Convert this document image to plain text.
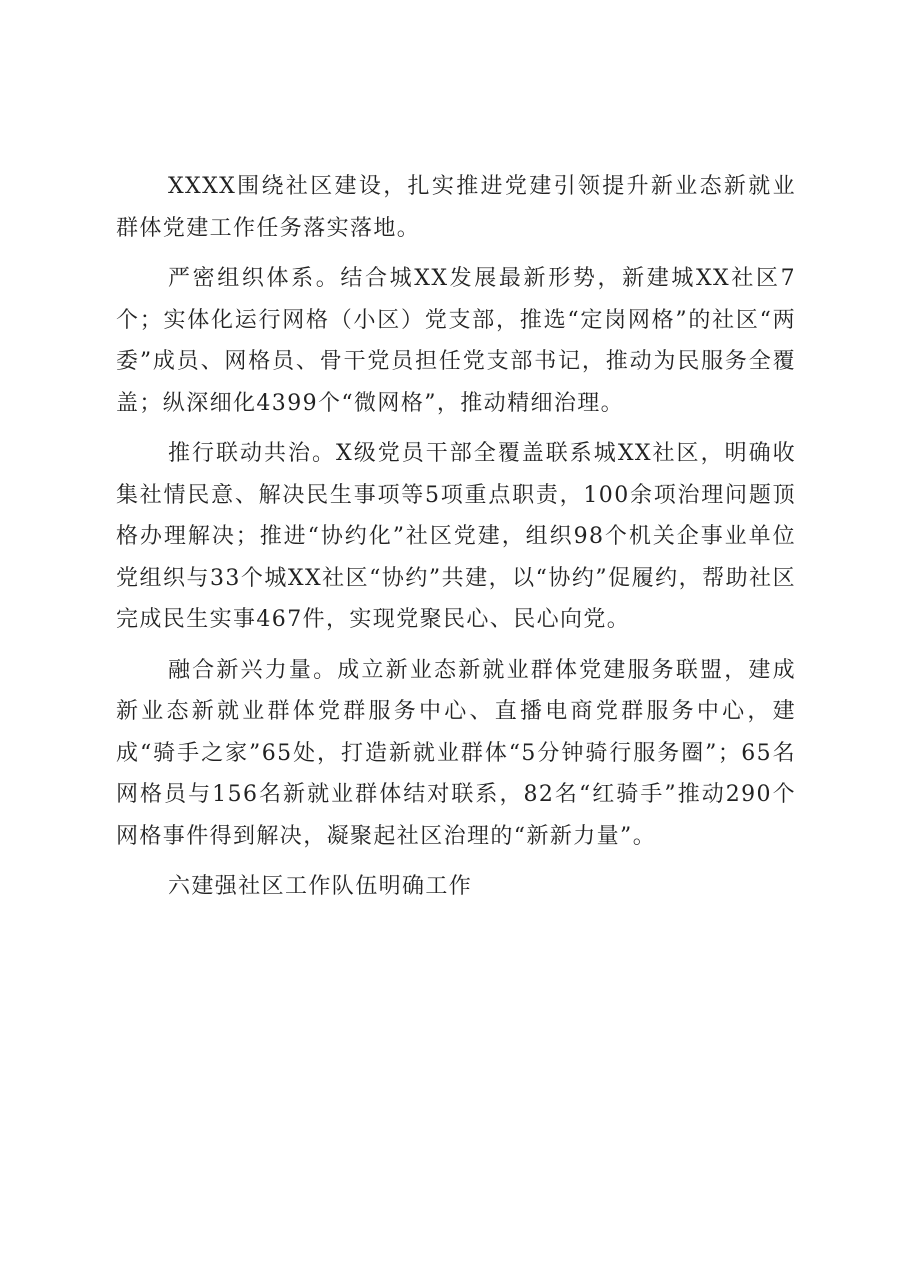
XXXX围绕社区建设，扎实推进党建引领提升新业态新就业群体党建工作任务落实落地。

严密组织体系。结合城XX发展最新形势，新建城XX社区7个；实体化运行网格（小区）党支部，推选“定岗网格”的社区“两委”成员、网格员、骨干党员担任党支部书记，推动为民服务全覆盖；纵深细化4399个“微网格”，推动精细治理。

推行联动共治。X级党员干部全覆盖联系城XX社区，明确收集社情民意、解决民生事项等5项重点职责，100余项治理问题顶格办理解决；推进“协约化”社区党建，组织98个机关企事业单位党组织与33个城XX社区“协约”共建，以“协约”促履约，帮助社区完成民生实事467件，实现党聚民心、民心向党。

融合新兴力量。成立新业态新就业群体党建服务联盟，建成新业态新就业群体党群服务中心、直播电商党群服务中心，建成“骑手之家”65处，打造新就业群体“5分钟骑行服务圈”；65名网格员与156名新就业群体结对联系，82名“红骑手”推动290个网格事件得到解决，凝聚起社区治理的“新新力量”。

六建强社区工作队伍明确工作
